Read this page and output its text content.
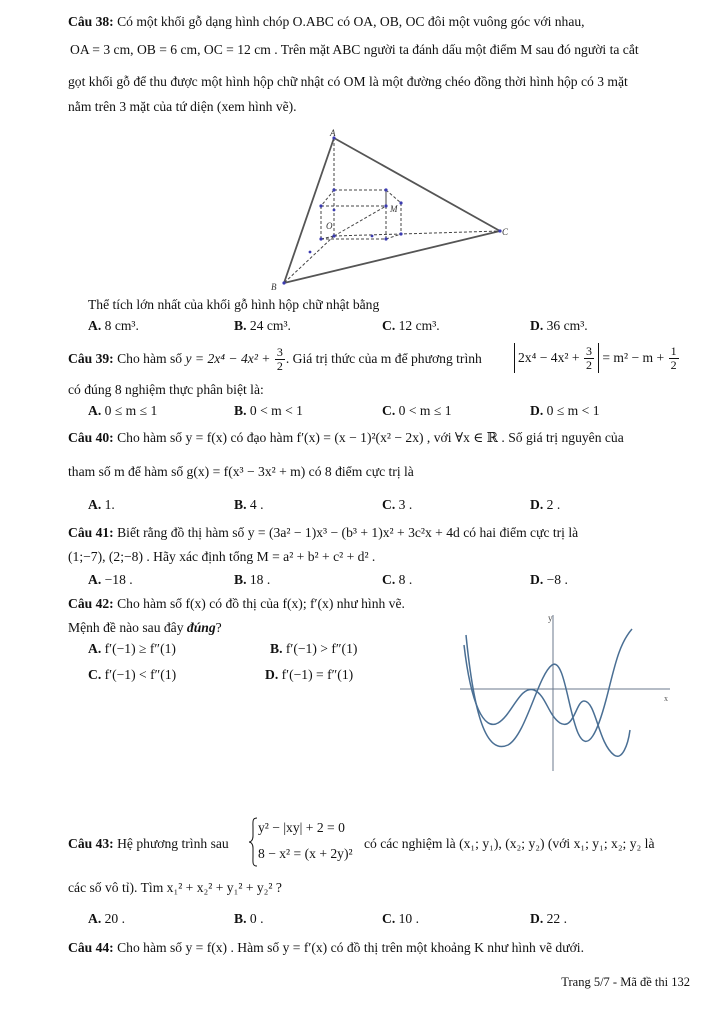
Câu 38: Có một khối gỗ dạng hình chóp O.ABC có OA, OB, OC đôi một vuông góc với nhau,
OA = 3 cm, OB = 6 cm, OC = 12 cm . Trên mặt ABC người ta đánh dấu một điểm M sau đó người ta cắt
gọt khối gỗ để thu được một hình hộp chữ nhật có OM là một đường chéo đồng thời hình hộp có 3 mặt
nằm trên 3 mặt của tứ diện (xem hình vẽ).
A
B
C
O
M
Thể tích lớn nhất của khối gỗ hình hộp chữ nhật bằng
A. 8 cm³.	B. 24 cm³.	C. 12 cm³.	D. 36 cm³.
Câu 39: Cho hàm số $y = 2x^4 - 4x^2 + \frac{3}{2}$ . Giá trị thức của m để phương trình	$2x^4 - 4x^2 + \frac{3}{2} = m^2 - m + \frac{1}{2}$
có đúng 8 nghiệm thực phân biệt là:
A. 0 ≤ m ≤ 1	B. 0 < m < 1	C. 0 < m ≤ 1	D. 0 ≤ m < 1
Câu 40: Cho hàm số y = f(x) có đạo hàm f′(x) = (x − 1)²(x² − 2x) , với ∀x ∈ ℝ . Số giá trị nguyên của
tham số m để hàm số g(x) = f(x³ − 3x² + m) có 8 điểm cực trị là
A. 1.	B. 4 .	C. 3 .	D. 2 .
Câu 41: Biết rằng đồ thị hàm số y = (3a² − 1)x³ − (b³ + 1)x² + 3c²x + 4d có hai điểm cực trị là
(1;−7), (2;−8) . Hãy xác định tổng M = a² + b² + c² + d² .
A. −18 .	B. 18 .	C. 8 .	D. −8 .
Câu 42: Cho hàm số f(x) có đồ thị của f(x); f′(x) như hình vẽ.
Mệnh đề nào sau đây đúng?
A. f′(−1) ≥ f″(1)	B. f′(−1) > f″(1)
C. f′(−1) < f″(1)	D. f′(−1) = f″(1)
y
x
Câu 43: Hệ phương trình sau
y² − |xy| + 2 = 0
8 − x² = (x + 2y)²
có các nghiệm là (x₁; y₁), (x₂; y₂) (với x₁; y₁; x₂; y₂ là
các số vô tỉ). Tìm x₁² + x₂² + y₁² + y₂² ?
A. 20 .	B. 0 .	C. 10 .	D. 22 .
Câu 44: Cho hàm số y = f(x) . Hàm số y = f′(x) có đồ thị trên một khoảng K như hình vẽ dưới.
Trang 5/7 - Mã đề thi 132
